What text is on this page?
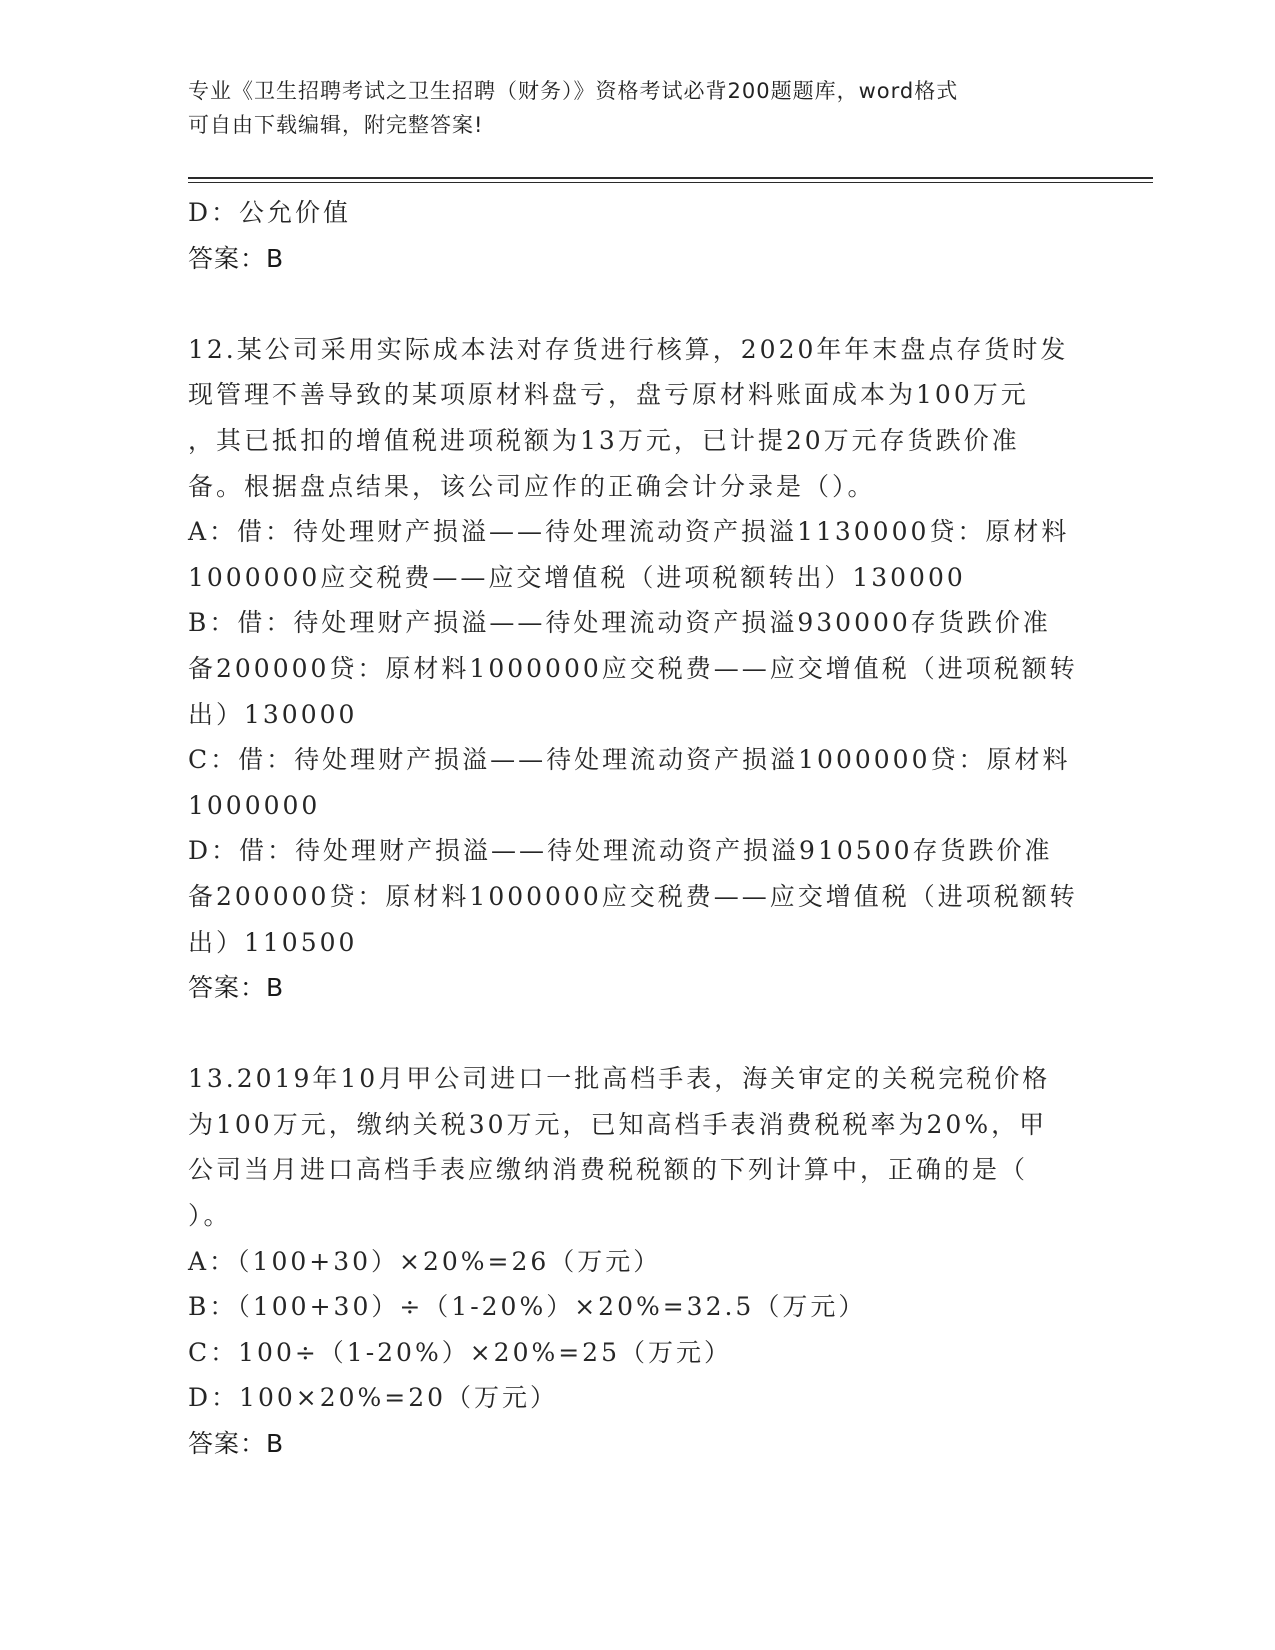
专业《卫生招聘考试之卫生招聘（财务）》资格考试必背200题题库，word格式
可自由下载编辑，附完整答案!

D：公允价值

答案：B

12.某公司采用实际成本法对存货进行核算，2020年年末盘点存货时发

现管理不善导致的某项原材料盘亏，盘亏原材料账面成本为100万元

，其已抵扣的增值税进项税额为13万元，已计提20万元存货跌价准

备。根据盘点结果，该公司应作的正确会计分录是（）。

A：借：待处理财产损溢——待处理流动资产损溢1130000贷：原材料

1000000应交税费——应交增值税（进项税额转出）130000

B：借：待处理财产损溢——待处理流动资产损溢930000存货跌价准

备200000贷：原材料1000000应交税费——应交增值税（进项税额转

出）130000

C：借：待处理财产损溢——待处理流动资产损溢1000000贷：原材料

1000000

D：借：待处理财产损溢——待处理流动资产损溢910500存货跌价准

备200000贷：原材料1000000应交税费——应交增值税（进项税额转

出）110500

答案：B

13.2019年10月甲公司进口一批高档手表，海关审定的关税完税价格

为100万元，缴纳关税30万元，已知高档手表消费税税率为20%，甲

公司当月进口高档手表应缴纳消费税税额的下列计算中，正确的是（

）。

A：（100+30）×20%=26（万元）

B：（100+30）÷（1-20%）×20%=32.5（万元）

C：100÷（1-20%）×20%=25（万元）

D：100×20%=20（万元）

答案：B
